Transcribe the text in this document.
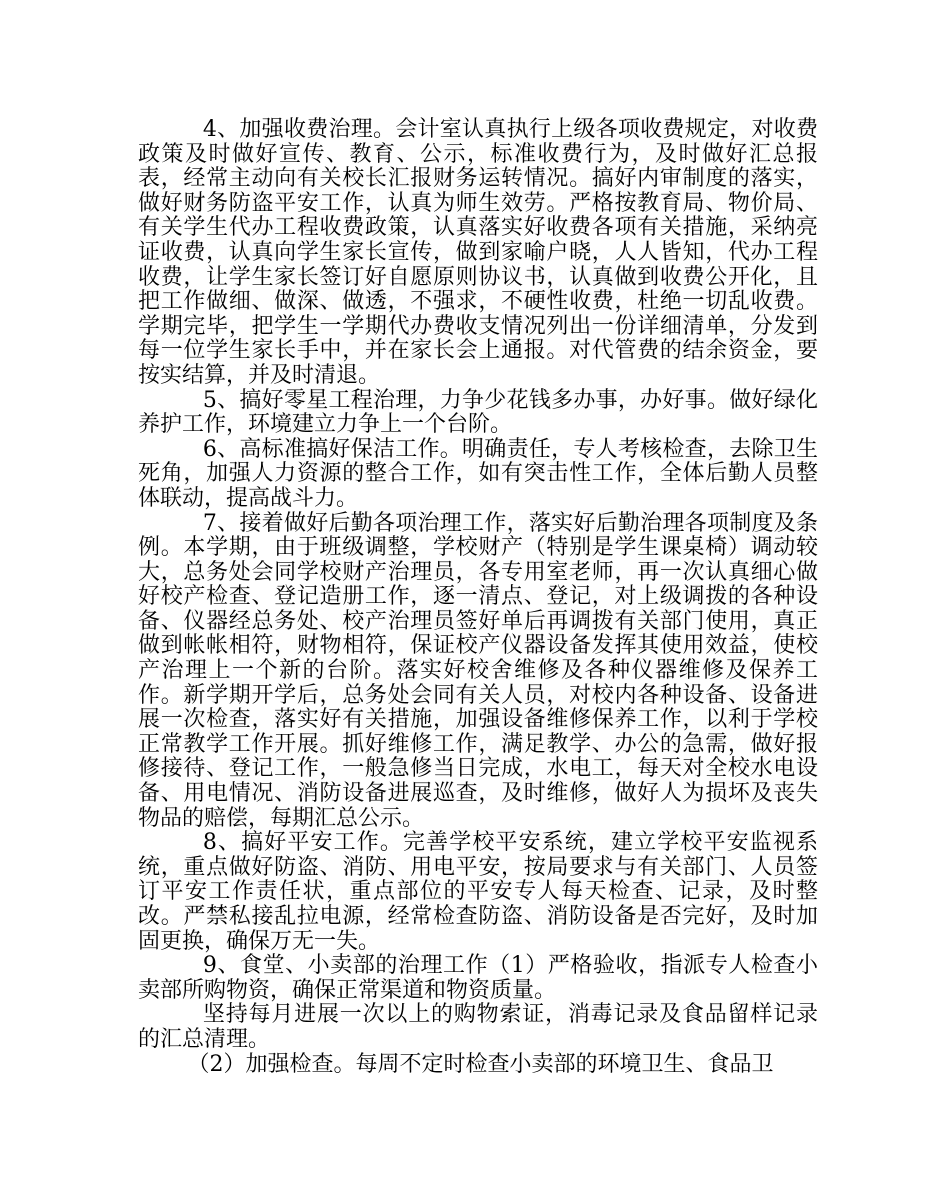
4、加强收费治理。会计室认真执行上级各项收费规定，对收费政策及时做好宣传、教育、公示，标准收费行为，及时做好汇总报表，经常主动向有关校长汇报财务运转情况。搞好内审制度的落实，做好财务防盗平安工作，认真为师生效劳。严格按教育局、物价局、有关学生代办工程收费政策，认真落实好收费各项有关措施，采纳亮证收费，认真向学生家长宣传，做到家喻户晓，人人皆知，代办工程收费，让学生家长签订好自愿原则协议书，认真做到收费公开化，且把工作做细、做深、做透，不强求，不硬性收费，杜绝一切乱收费。学期完毕，把学生一学期代办费收支情况列出一份详细清单，分发到每一位学生家长手中，并在家长会上通报。对代管费的结余资金，要按实结算，并及时清退。

5、搞好零星工程治理，力争少花钱多办事，办好事。做好绿化养护工作，环境建立力争上一个台阶。

6、高标准搞好保洁工作。明确责任，专人考核检查，去除卫生死角，加强人力资源的整合工作，如有突击性工作，全体后勤人员整体联动，提高战斗力。

7、接着做好后勤各项治理工作，落实好后勤治理各项制度及条例。本学期，由于班级调整，学校财产（特别是学生课桌椅）调动较大，总务处会同学校财产治理员，各专用室老师，再一次认真细心做好校产检查、登记造册工作，逐一清点、登记，对上级调拨的各种设备、仪器经总务处、校产治理员签好单后再调拨有关部门使用，真正做到帐帐相符，财物相符，保证校产仪器设备发挥其使用效益，使校产治理上一个新的台阶。落实好校舍维修及各种仪器维修及保养工作。新学期开学后，总务处会同有关人员，对校内各种设备、设备进展一次检查，落实好有关措施，加强设备维修保养工作，以利于学校正常教学工作开展。抓好维修工作，满足教学、办公的急需，做好报修接待、登记工作，一般急修当日完成，水电工，每天对全校水电设备、用电情况、消防设备进展巡查，及时维修，做好人为损坏及丧失物品的赔偿，每期汇总公示。

8、搞好平安工作。完善学校平安系统，建立学校平安监视系统，重点做好防盗、消防、用电平安，按局要求与有关部门、人员签订平安工作责任状，重点部位的平安专人每天检查、记录，及时整改。严禁私接乱拉电源，经常检查防盗、消防设备是否完好，及时加固更换，确保万无一失。

9、食堂、小卖部的治理工作（1）严格验收，指派专人检查小卖部所购物资，确保正常渠道和物资质量。

坚持每月进展一次以上的购物索证，消毒记录及食品留样记录的汇总清理。

（2）加强检查。每周不定时检查小卖部的环境卫生、食品卫
